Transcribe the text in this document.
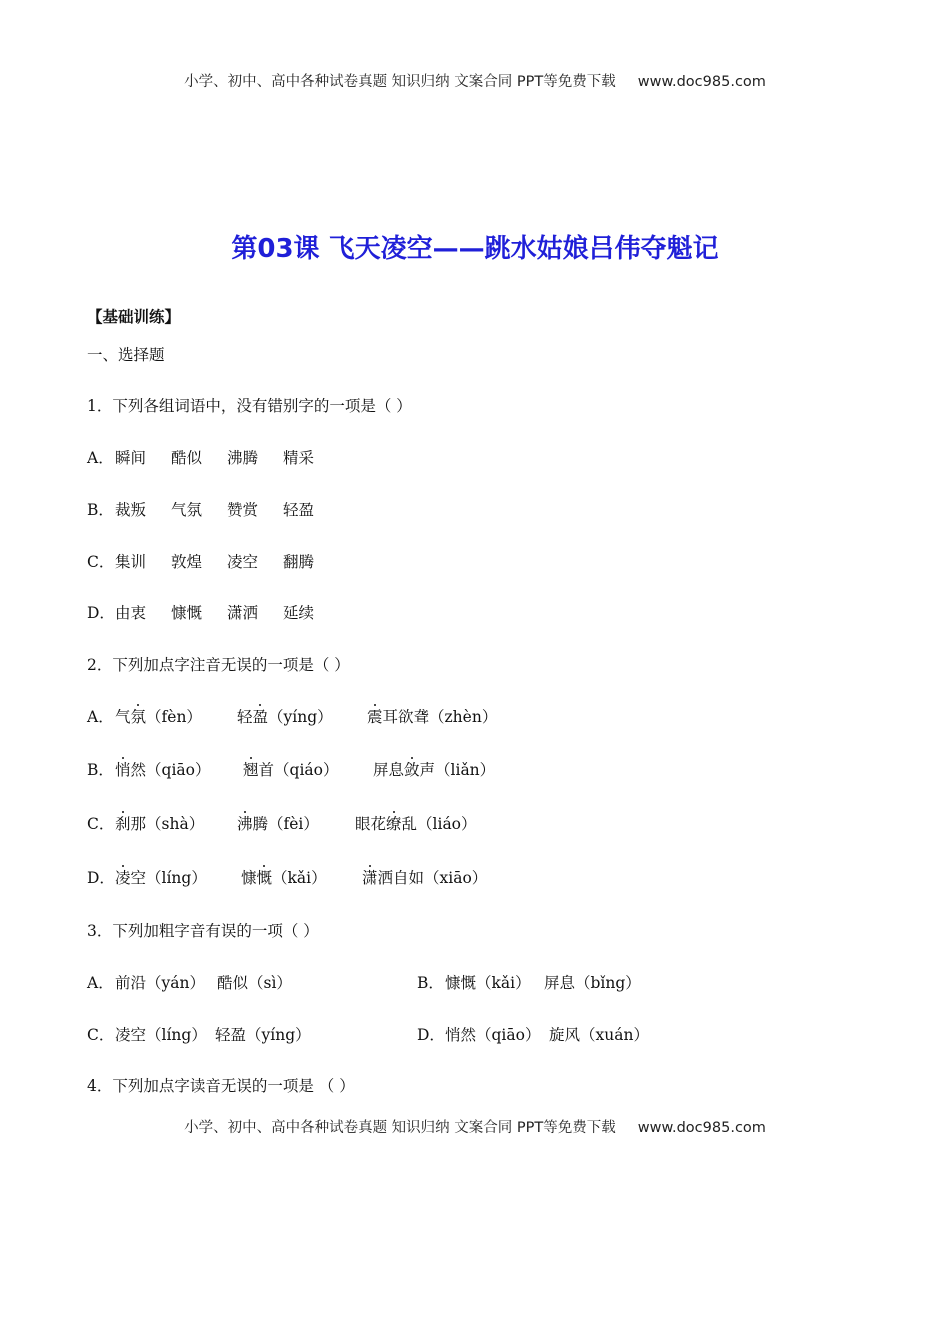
小学、初中、高中各种试卷真题 知识归纳 文案合同 PPT等免费下载 www.doc985.com
第03课 飞天凌空——跳水姑娘吕伟夺魁记
【基础训练】
一、选择题
1．下列各组词语中，没有错别字的一项是（ ）
A．瞬间 酷似 沸腾 精采
B．裁叛 气氛 赞赏 轻盈
C．集训 敦煌 凌空 翻腾
D．由衷 慷慨 潇洒 延续
2．下列加点字注音无误的一项是（ ）
A．气氛（fèn） 轻盈（yíng） 震耳欲聋（zhèn）
B．悄然（qiāo） 翘首（qiáo） 屏息敛声（liǎn）
C．刹那（shà） 沸腾（fèi） 眼花缭乱（liáo）
D．凌空（líng） 慷慨（kǎi） 潇洒自如（xiāo）
3．下列加粗字音有误的一项（ ）
A．前沿（yán） 酷似（sì）	B．慷慨（kǎi） 屏息（bǐng）
C．凌空（líng） 轻盈（yíng）	D．悄然（qiāo） 旋风（xuán）
4．下列加点字读音无误的一项是 （ ）
小学、初中、高中各种试卷真题 知识归纳 文案合同 PPT等免费下载 www.doc985.com
